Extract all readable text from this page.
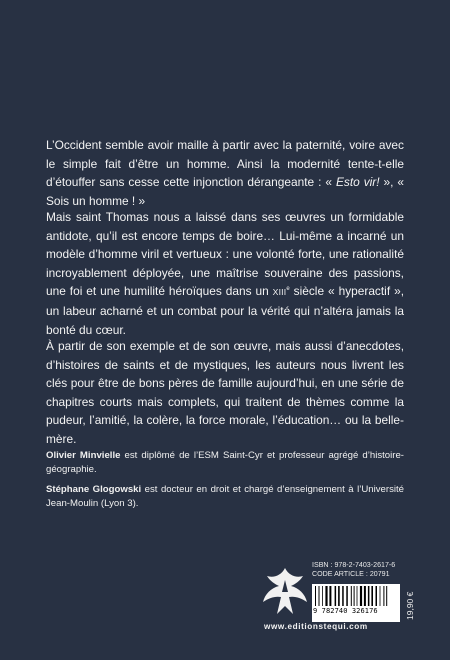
L’Occident semble avoir maille à partir avec la paternité, voire avec le simple fait d’être un homme. Ainsi la modernité tente-t-elle d’étouffer sans cesse cette injonction dérangeante : « Esto vir! », « Sois un homme ! »

Mais saint Thomas nous a laissé dans ses œuvres un formidable antidote, qu’il est encore temps de boire… Lui-même a incarné un modèle d’homme viril et vertueux : une volonté forte, une rationalité incroyablement déployée, une maîtrise souveraine des passions, une foi et une humilité héroïques dans un XIIIe siècle « hyperactif », un labeur acharné et un combat pour la vérité qui n’altéra jamais la bonté du cœur.

À partir de son exemple et de son œuvre, mais aussi d’anecdotes, d’histoires de saints et de mystiques, les auteurs nous livrent les clés pour être de bons pères de famille aujourd’hui, en une série de chapitres courts mais complets, qui traitent de thèmes comme la pudeur, l’amitié, la colère, la force morale, l’éducation… ou la belle-mère.

Olivier Minvielle est diplômé de l’ESM Saint-Cyr et professeur agrégé d’histoire-géographie.

Stéphane Glogowski est docteur en droit et chargé d’enseignement à l’Université Jean-Moulin (Lyon 3).

ISBN : 978-2-7403-2617-6
CODE ARTICLE : 20791
9 782740 326176	19,90 €
www.editionstequi.com
